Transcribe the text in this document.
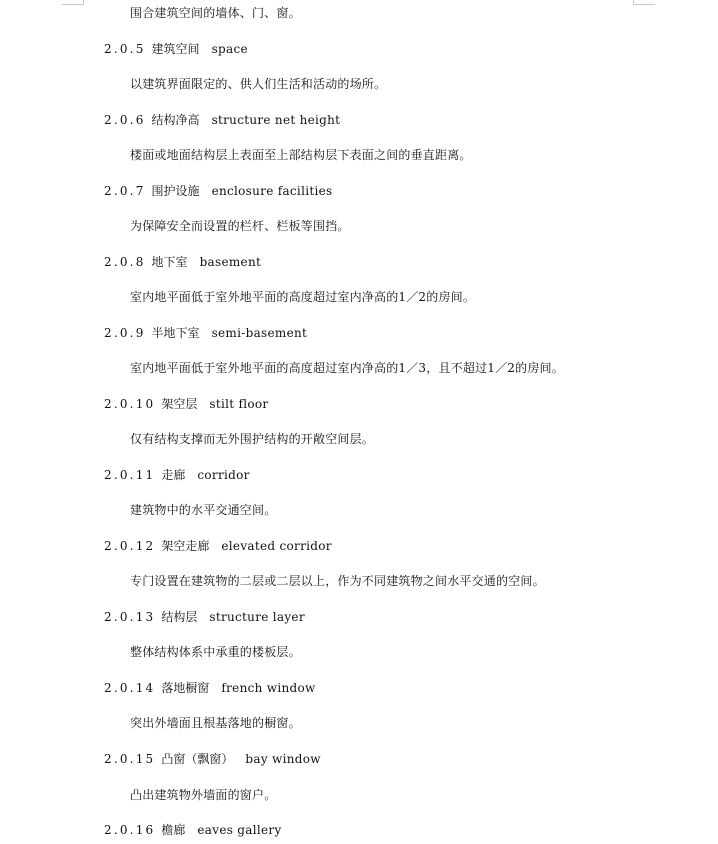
围合建筑空间的墙体、门、窗。
2.0.5 建筑空间 space
以建筑界面限定的、供人们生活和活动的场所。
2.0.6 结构净高 structure net height
楼面或地面结构层上表面至上部结构层下表面之间的垂直距离。
2.0.7 围护设施 enclosure facilities
为保障安全而设置的栏杆、栏板等围挡。
2.0.8 地下室 basement
室内地平面低于室外地平面的高度超过室内净高的1／2的房间。
2.0.9 半地下室 semi-basement
室内地平面低于室外地平面的高度超过室内净高的1／3，且不超过1／2的房间。
2.0.10 架空层 stilt floor
仅有结构支撑而无外围护结构的开敞空间层。
2.0.11 走廊 corridor
建筑物中的水平交通空间。
2.0.12 架空走廊 elevated corridor
专门设置在建筑物的二层或二层以上，作为不同建筑物之间水平交通的空间。
2.0.13 结构层 structure layer
整体结构体系中承重的楼板层。
2.0.14 落地橱窗 french window
突出外墙面且根基落地的橱窗。
2.0.15 凸窗（飘窗） bay window
凸出建筑物外墙面的窗户。
2.0.16 檐廊 eaves gallery
